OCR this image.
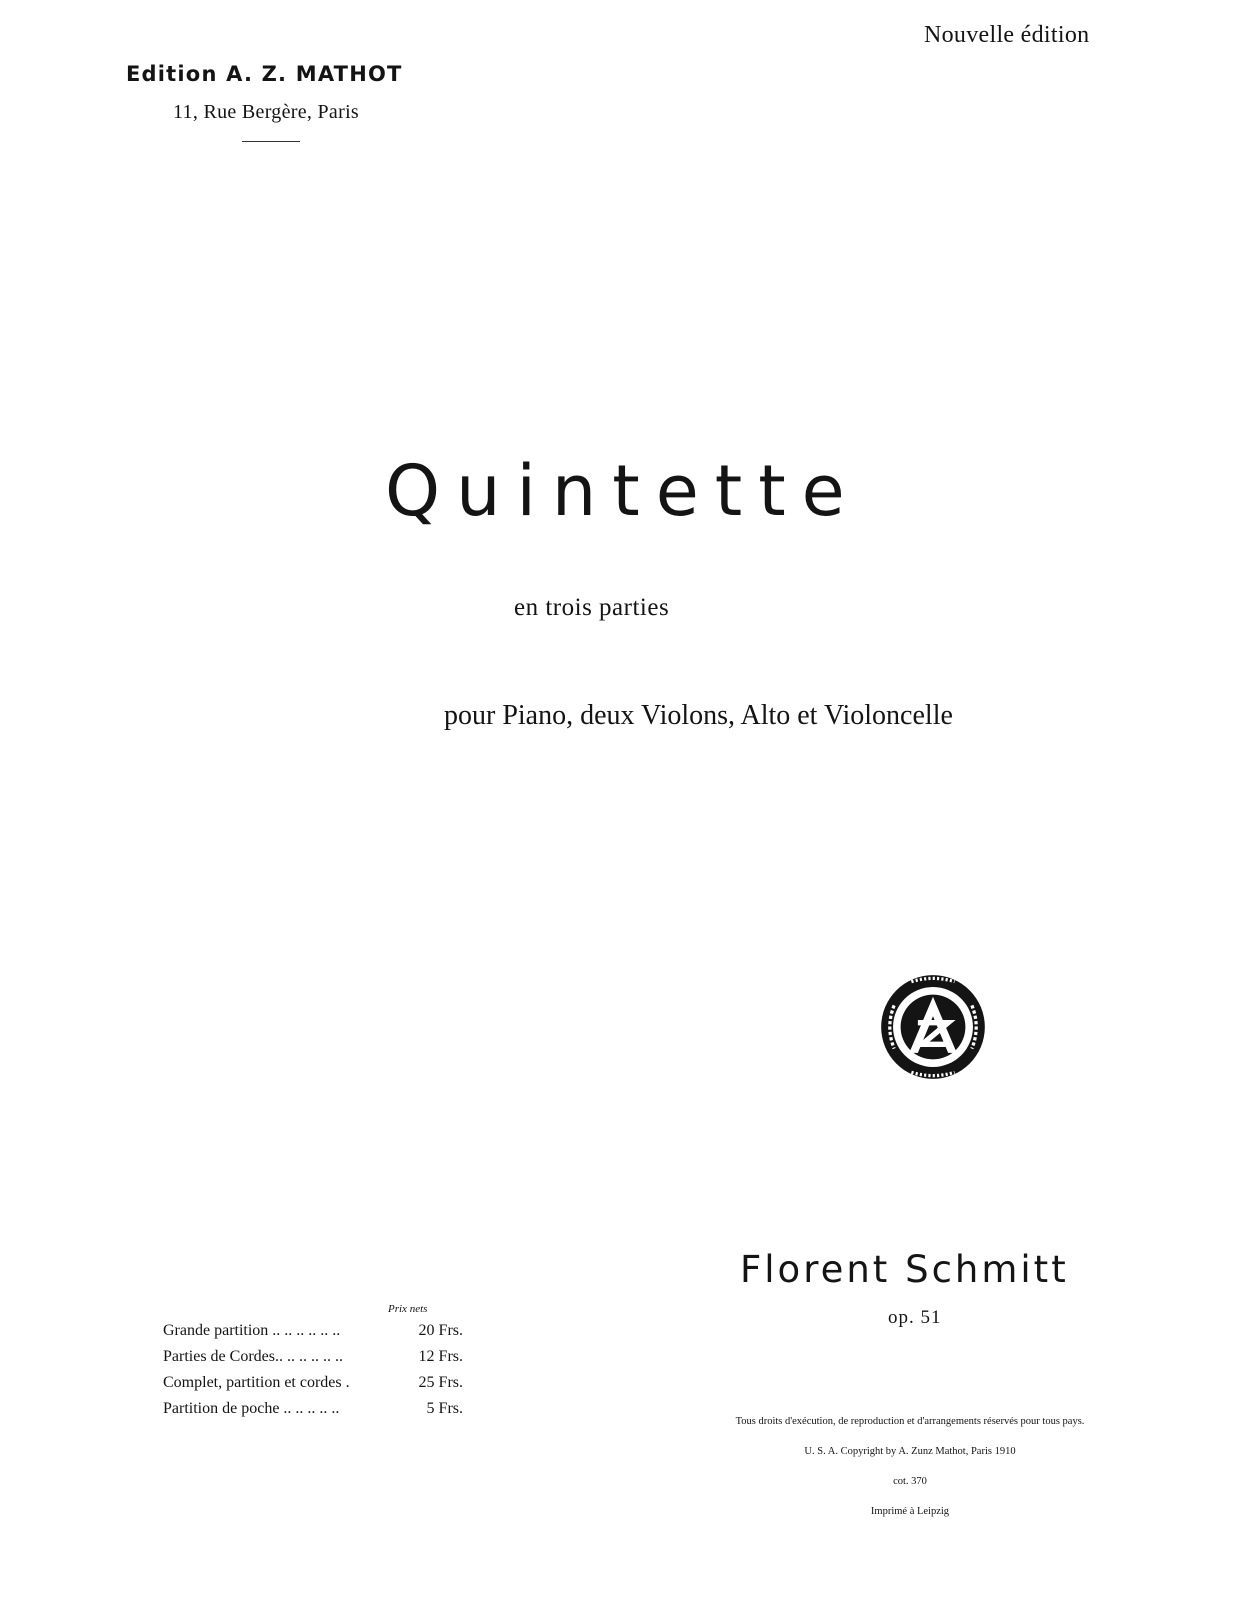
Edition A. Z. MATHOT
11, Rue Bergère, Paris
Nouvelle édition
Quintette
en trois parties
pour Piano, deux Violons, Alto et Violoncelle
Florent Schmitt
op. 51
Prix nets
Grande partition .. .. .. .. .. ..	20 Frs.
Parties de Cordes.. .. .. .. .. ..	12 Frs.
Complet, partition et cordes .	25 Frs.
Partition de poche .. .. .. .. ..	5 Frs.
Tous droits d'exécution, de reproduction et d'arrangements réservés pour tous pays.
U. S. A. Copyright by A. Zunz Mathot, Paris 1910
cot. 370
Imprimé à Leipzig
